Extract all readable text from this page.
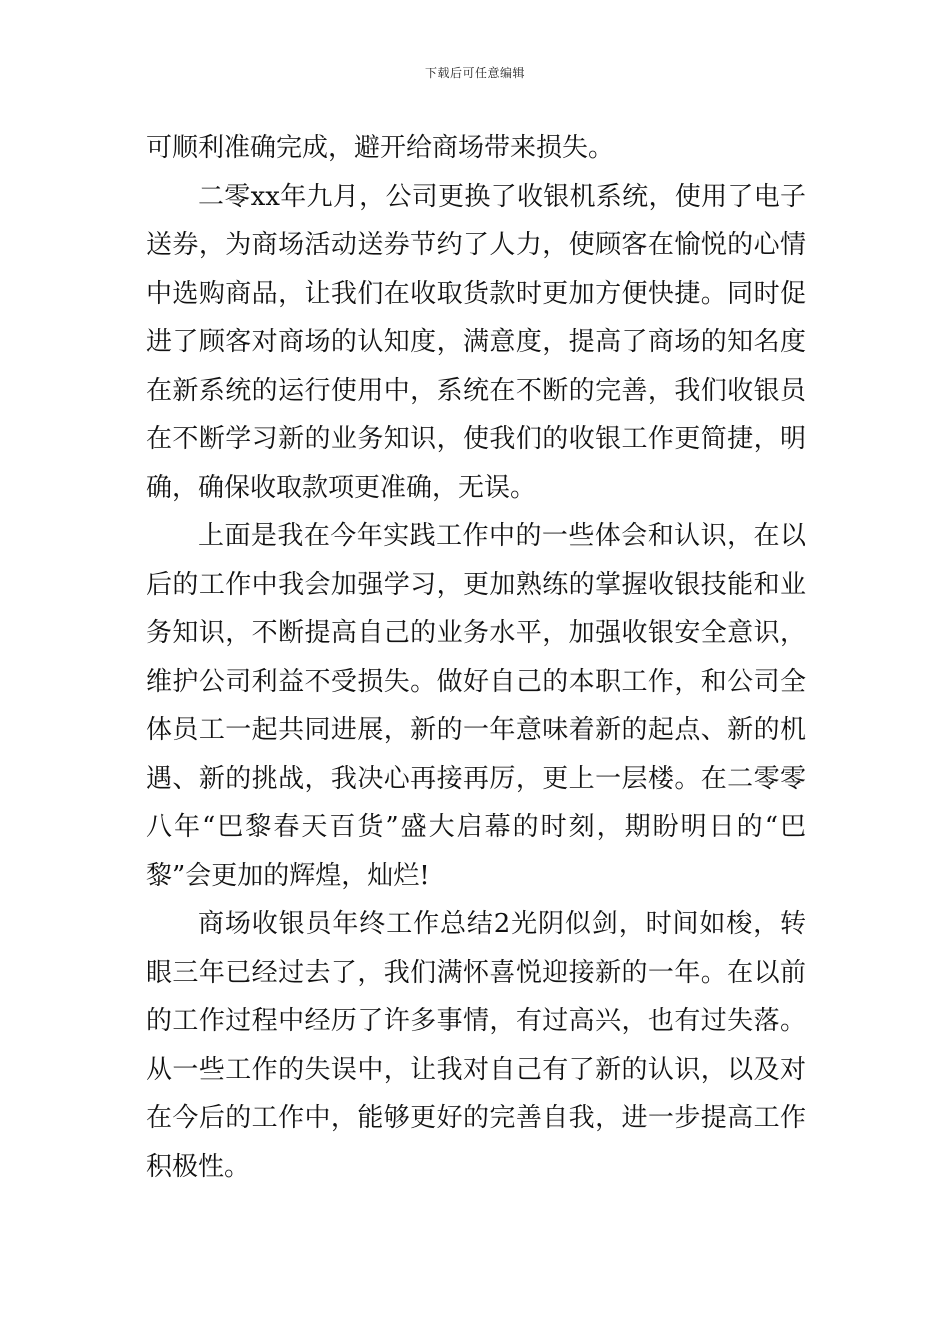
下载后可任意编辑

可顺利准确完成，避开给商场带来损失。

二零xx年九月，公司更换了收银机系统，使用了电子送券，为商场活动送券节约了人力，使顾客在愉悦的心情中选购商品，让我们在收取货款时更加方便快捷。同时促进了顾客对商场的认知度，满意度，提高了商场的知名度在新系统的运行使用中，系统在不断的完善，我们收银员在不断学习新的业务知识，使我们的收银工作更简捷，明确，确保收取款项更准确，无误。

上面是我在今年实践工作中的一些体会和认识，在以后的工作中我会加强学习，更加熟练的掌握收银技能和业务知识，不断提高自己的业务水平，加强收银安全意识，维护公司利益不受损失。做好自己的本职工作，和公司全体员工一起共同进展，新的一年意味着新的起点、新的机遇、新的挑战，我决心再接再厉，更上一层楼。在二零零八年“巴黎春天百货”盛大启幕的时刻，期盼明日的“巴黎”会更加的辉煌，灿烂!

商场收银员年终工作总结2光阴似剑，时间如梭，转眼三年已经过去了，我们满怀喜悦迎接新的一年。在以前的工作过程中经历了许多事情，有过高兴，也有过失落。从一些工作的失误中，让我对自己有了新的认识，以及对在今后的工作中，能够更好的完善自我，进一步提高工作积极性。
